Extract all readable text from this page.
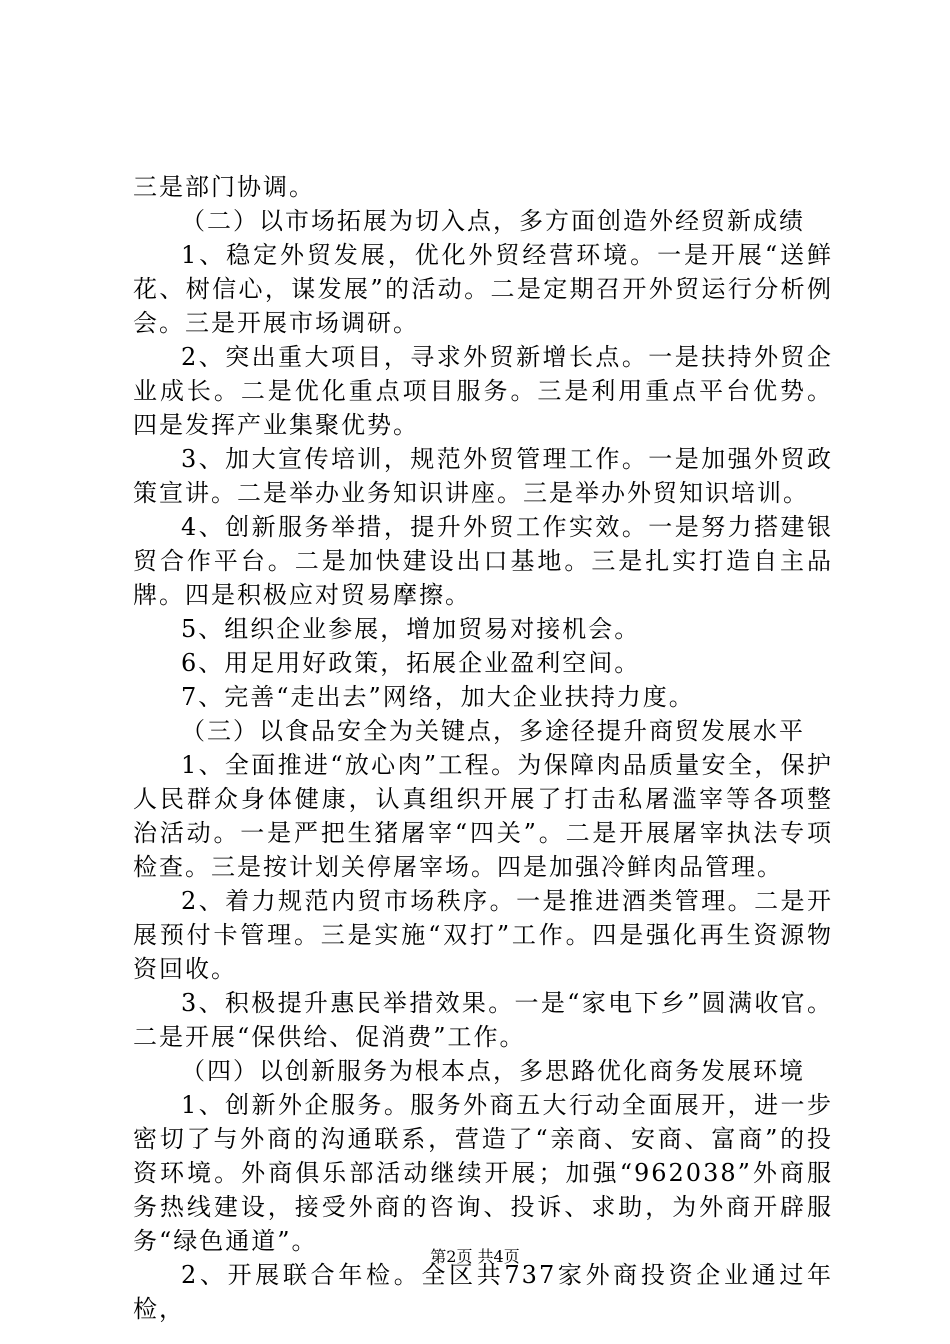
三是部门协调。

（二）以市场拓展为切入点，多方面创造外经贸新成绩

1、稳定外贸发展，优化外贸经营环境。一是开展“送鲜花、树信心，谋发展”的活动。二是定期召开外贸运行分析例会。三是开展市场调研。

2、突出重大项目，寻求外贸新增长点。一是扶持外贸企业成长。二是优化重点项目服务。三是利用重点平台优势。四是发挥产业集聚优势。

3、加大宣传培训，规范外贸管理工作。一是加强外贸政策宣讲。二是举办业务知识讲座。三是举办外贸知识培训。

4、创新服务举措，提升外贸工作实效。一是努力搭建银贸合作平台。二是加快建设出口基地。三是扎实打造自主品牌。四是积极应对贸易摩擦。

5、组织企业参展，增加贸易对接机会。

6、用足用好政策，拓展企业盈利空间。

7、完善“走出去”网络，加大企业扶持力度。

（三）以食品安全为关键点，多途径提升商贸发展水平

1、全面推进“放心肉”工程。为保障肉品质量安全，保护人民群众身体健康，认真组织开展了打击私屠滥宰等各项整治活动。一是严把生猪屠宰“四关”。二是开展屠宰执法专项检查。三是按计划关停屠宰场。四是加强冷鲜肉品管理。

2、着力规范内贸市场秩序。一是推进酒类管理。二是开展预付卡管理。三是实施“双打”工作。四是强化再生资源物资回收。

3、积极提升惠民举措效果。一是“家电下乡”圆满收官。二是开展“保供给、促消费”工作。

（四）以创新服务为根本点，多思路优化商务发展环境

1、创新外企服务。服务外商五大行动全面展开，进一步密切了与外商的沟通联系，营造了“亲商、安商、富商”的投资环境。外商俱乐部活动继续开展；加强“962038”外商服务热线建设，接受外商的咨询、投诉、求助，为外商开辟服务“绿色通道”。

2、开展联合年检。全区共737家外商投资企业通过年检，

第2页 共4页
